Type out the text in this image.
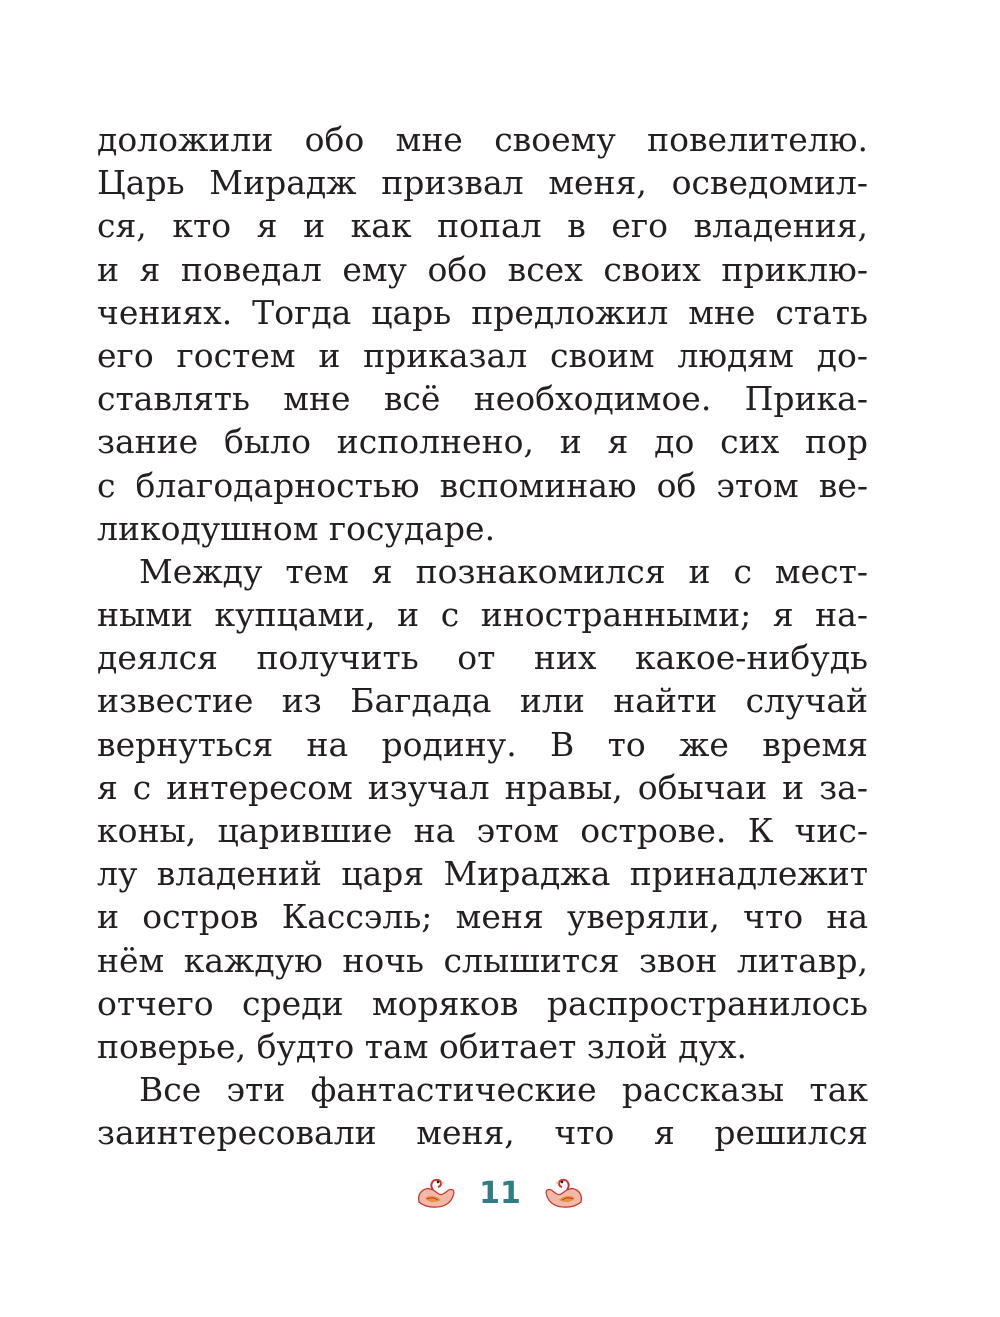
доложили обо мне своему повелителю.
Царь Мирадж призвал меня, осведомил-
ся, кто я и как попал в его владения,
и я поведал ему обо всех своих приклю-
чениях. Тогда царь предложил мне стать
его гостем и приказал своим людям до-
ставлять мне всё необходимое. Прика-
зание было исполнено, и я до сих пор
с благодарностью вспоминаю об этом ве-
ликодушном государе.
Между тем я познакомился и с мест-
ными купцами, и с иностранными; я на-
деялся получить от них какое-нибудь
известие из Багдада или найти случай
вернуться на родину. В то же время
я с интересом изучал нравы, обычаи и за-
коны, царившие на этом острове. К чис-
лу владений царя Мираджа принадлежит
и остров Кассэль; меня уверяли, что на
нём каждую ночь слышится звон литавр,
отчего среди моряков распространилось
поверье, будто там обитает злой дух.
Все эти фантастические рассказы так
заинтересовали меня, что я решился
11
